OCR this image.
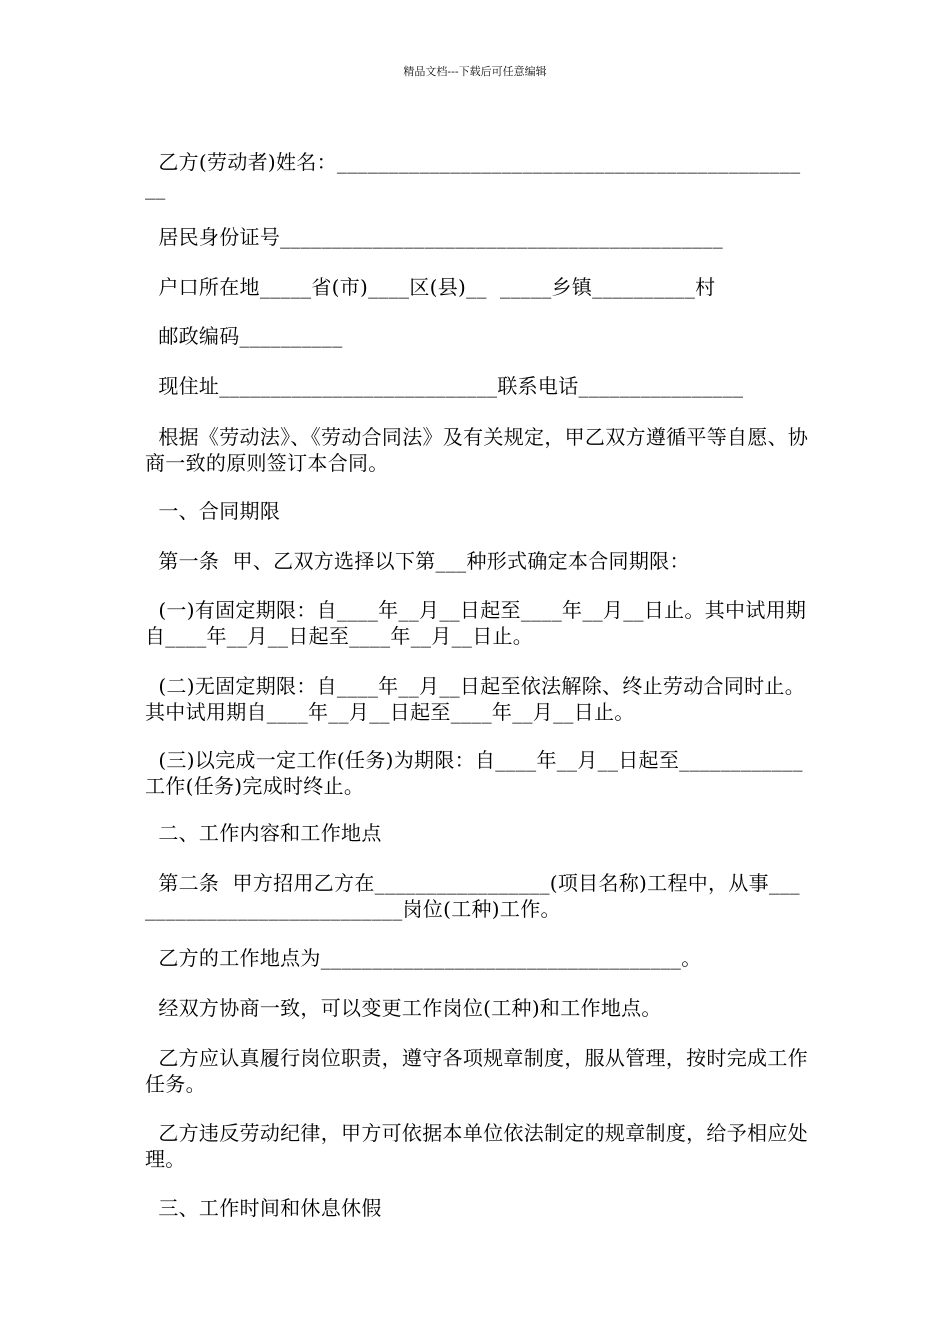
精品文档---下载后可任意编辑

乙方(劳动者)姓名：_______________________________________________

居民身份证号___________________________________________

户口所在地_____省(市)____区(县)__  _____乡镇__________村

邮政编码__________

现住址___________________________联系电话________________

根据《劳动法》、《劳动合同法》及有关规定，甲乙双方遵循平等自愿、协商一致的原则签订本合同。

一、合同期限

第一条  甲、乙双方选择以下第___种形式确定本合同期限：

(一)有固定期限：自____年__月__日起至____年__月__日止。其中试用期自____年__月__日起至____年__月__日止。

(二)无固定期限：自____年__月__日起至依法解除、终止劳动合同时止。其中试用期自____年__月__日起至____年__月__日止。

(三)以完成一定工作(任务)为期限：自____年__月__日起至____________工作(任务)完成时终止。

二、工作内容和工作地点

第二条  甲方招用乙方在_________________(项目名称)工程中，从事____________________________岗位(工种)工作。

乙方的工作地点为___________________________________。

经双方协商一致，可以变更工作岗位(工种)和工作地点。

乙方应认真履行岗位职责，遵守各项规章制度，服从管理，按时完成工作任务。

乙方违反劳动纪律，甲方可依据本单位依法制定的规章制度，给予相应处理。

三、工作时间和休息休假
